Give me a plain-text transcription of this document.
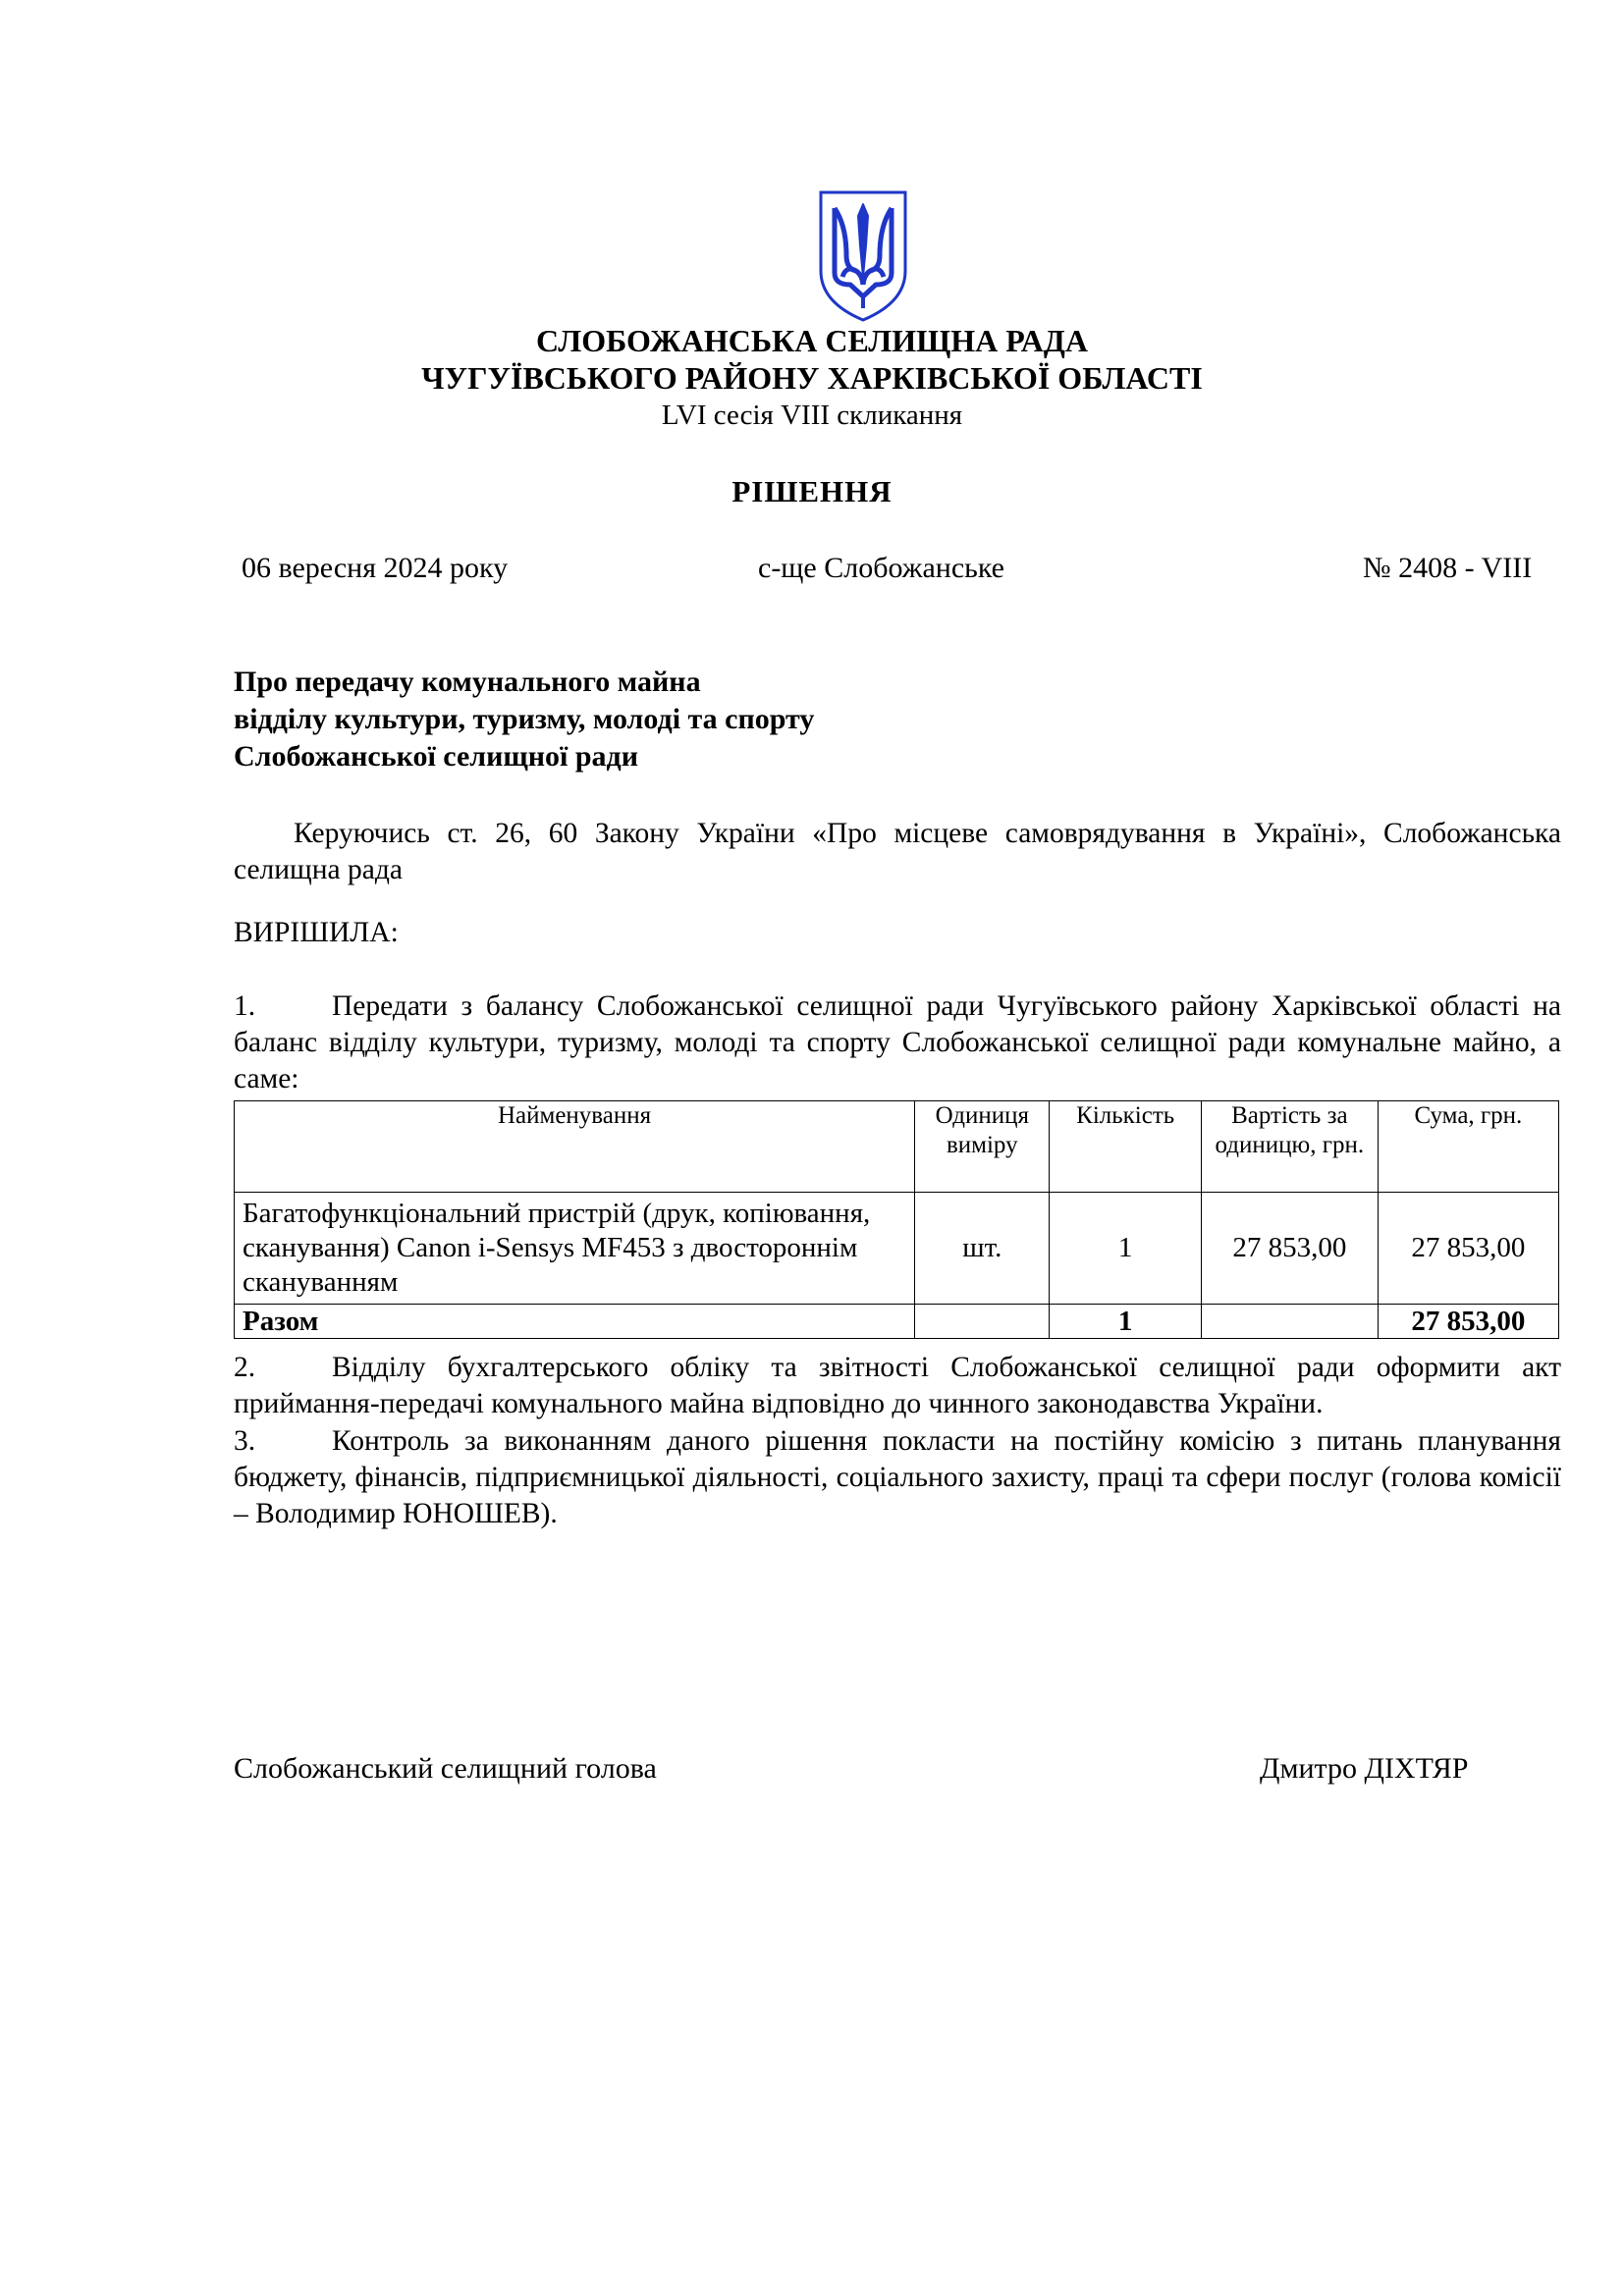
СЛОБОЖАНСЬКА СЕЛИЩНА РАДА
ЧУГУЇВСЬКОГО РАЙОНУ ХАРКІВСЬКОЇ ОБЛАСТІ
LVI сесія VIII скликання
РІШЕННЯ
06 вересня 2024 року	с-ще Слобожанське	№ 2408 - VIII
Про передачу комунального майна
відділу культури, туризму, молоді та спорту
Слобожанської селищної ради
Керуючись ст. 26, 60 Закону України «Про місцеве самоврядування в Україні», Слобожанська селищна рада
ВИРІШИЛА:
1.	Передати з балансу Слобожанської селищної ради Чугуївського району Харківської області на баланс відділу культури, туризму, молоді та спорту Слобожанської селищної ради комунальне майно, а саме:
Найменування	Одиниця виміру	Кількість	Вартість за одиницю, грн.	Сума, грн.
Багатофункціональний пристрій (друк, копіювання, сканування) Canon i-Sensys MF453 з двостороннім скануванням	шт.	1	27 853,00	27 853,00
Разом		1		27 853,00
2.	Відділу бухгалтерського обліку та звітності Слобожанської селищної ради оформити акт приймання-передачі комунального майна відповідно до чинного законодавства України.
3.	Контроль за виконанням даного рішення покласти на постійну комісію з питань планування бюджету, фінансів, підприємницької діяльності, соціального захисту, праці та сфери послуг (голова комісії – Володимир ЮНОШЕВ).
Слобожанський селищний голова	Дмитро ДІХТЯР
